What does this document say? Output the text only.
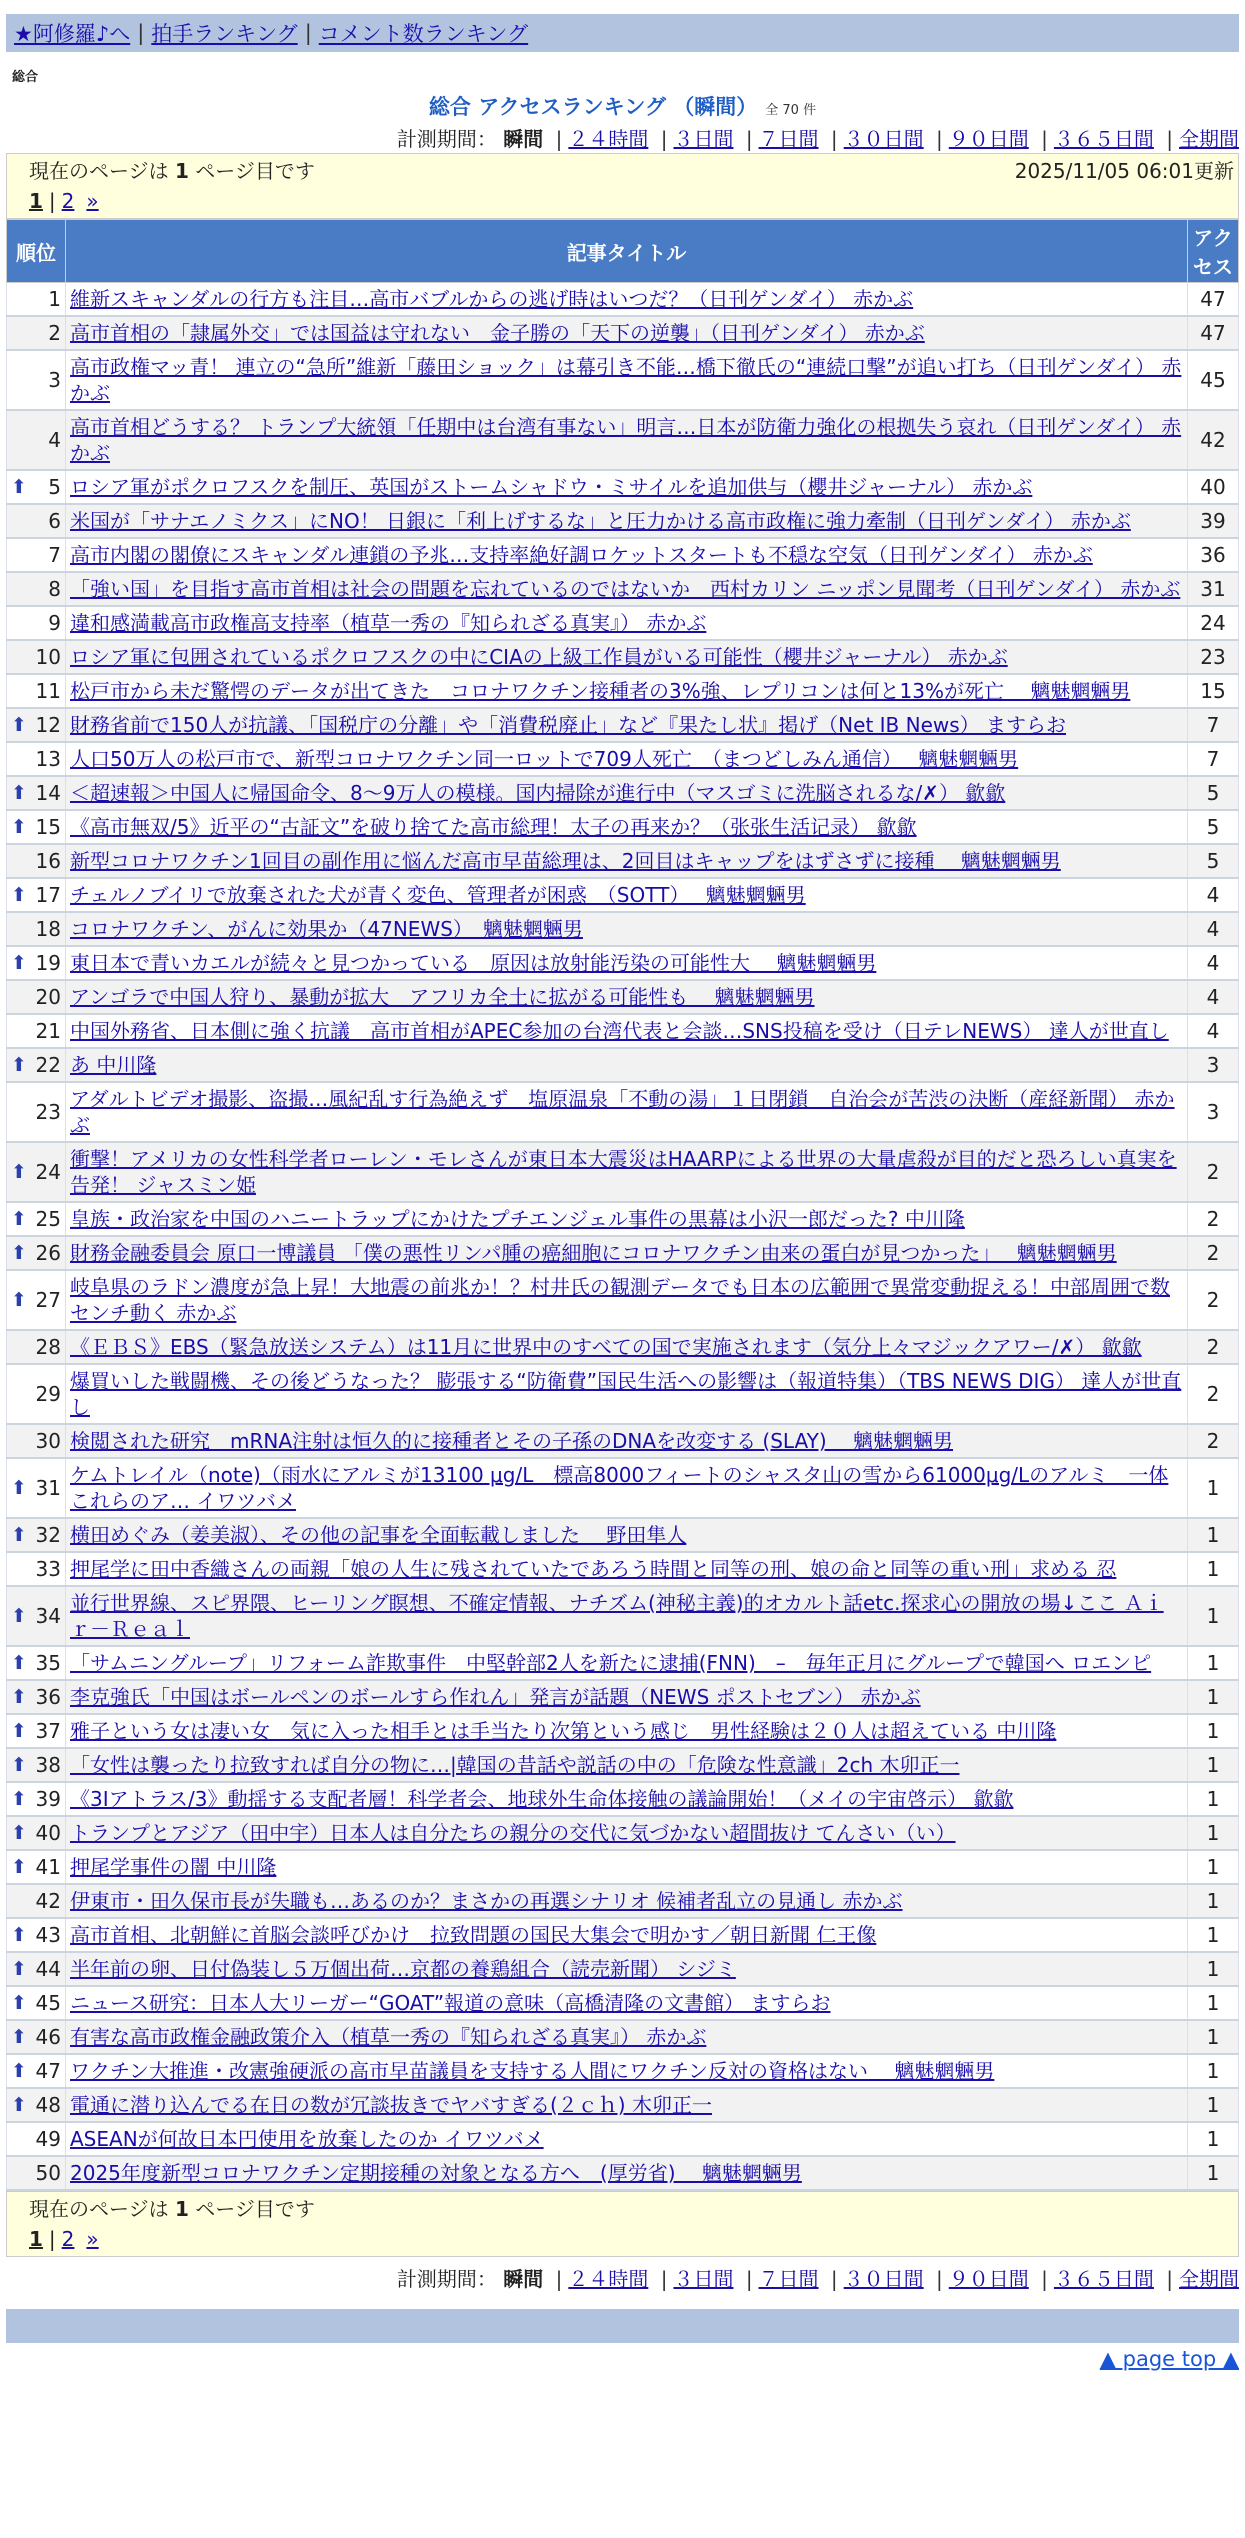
★阿修羅♪へ | 拍手ランキング | コメント数ランキング
総合
総合 アクセスランキング （瞬間） 全 70 件
計測期間： 瞬間 | ２４時間 | ３日間 | ７日間 | ３０日間 | ９０日間 | ３６５日間 | 全期間
現在のページは 1 ページ目です	2025/11/05 06:01更新
1 | 2 »
順位	記事タイトル	アクセス
1	維新スキャンダルの行方も注目…高市バブルからの逃げ時はいつだ？（日刊ゲンダイ） 赤かぶ	47
2	高市首相の「隷属外交」では国益は守れない　金子勝の「天下の逆襲」（日刊ゲンダイ） 赤かぶ	47
3	高市政権マッ青！ 連立の“急所”維新「藤田ショック」は幕引き不能…橋下徹氏の“連続口撃”が追い打ち（日刊ゲンダイ） 赤かぶ	45
4	高市首相どうする？ トランプ大統領「任期中は台湾有事ない」明言…日本が防衛力強化の根拠失う哀れ（日刊ゲンダイ） 赤かぶ	42

⬆ 5	ロシア軍がポクロフスクを制圧、英国がストームシャドウ・ミサイルを追加供与（櫻井ジャーナル） 赤かぶ	40
6	米国が「サナエノミクス」にNO！ 日銀に「利上げするな」と圧力かける高市政権に強力牽制（日刊ゲンダイ） 赤かぶ	39
7	高市内閣の閣僚にスキャンダル連鎖の予兆…支持率絶好調ロケットスタートも不穏な空気（日刊ゲンダイ） 赤かぶ	36
8	「強い国」を目指す高市首相は社会の問題を忘れているのではないか　西村カリン ニッポン見聞考（日刊ゲンダイ） 赤かぶ	31
9	違和感満載高市政権高支持率（植草一秀の『知られざる真実』） 赤かぶ	24
10	ロシア軍に包囲されているポクロフスクの中にCIAの上級工作員がいる可能性（櫻井ジャーナル） 赤かぶ	23
11	松戸市から未だ驚愕のデータが出てきた　コロナワクチン接種者の3%強、レプリコンは何と13%が死亡　 魑魅魍魎男	15

⬆ 12	財務省前で150人が抗議、「国税庁の分離」や「消費税廃止」など『果たし状』掲げ（Net IB News） ますらお	7
13	人口50万人の松戸市で、新型コロナワクチン同一ロットで709人死亡　（まつどしみん通信）　 魑魅魍魎男	7

⬆ 14	＜超速報＞中国人に帰国命令、8～9万人の模様。国内掃除が進行中（マスゴミに洗脳されるな/✗） 歙歙	5

⬆ 15	《高市無双/5》近平の“古証文”を破り捨てた高市総理！太子の再来か？（张张生活记录） 歙歙	5
16	新型コロナワクチン1回目の副作用に悩んだ高市早苗総理は、2回目はキャップをはずさずに接種　 魑魅魍魎男	5

⬆ 17	チェルノブイリで放棄された犬が青く変色、管理者が困惑　（SOTT）　 魑魅魍魎男	4
18	コロナワクチン、がんに効果か（47NEWS）　魑魅魍魎男	4

⬆ 19	東日本で青いカエルが続々と見つかっている　原因は放射能汚染の可能性大　 魑魅魍魎男	4
20	アンゴラで中国人狩り、暴動が拡大　アフリカ全土に拡がる可能性も　 魑魅魍魎男	4
21	中国外務省、日本側に強く抗議　高市首相がAPEC参加の台湾代表と会談…SNS投稿を受け（日テレNEWS） 達人が世直し	4

⬆ 22	あ 中川隆	3
23	アダルトビデオ撮影、盗撮…風紀乱す行為絶えず　塩原温泉「不動の湯」１日閉鎖　自治会が苦渋の決断（産経新聞） 赤かぶ	3

⬆ 24	衝撃！アメリカの女性科学者ローレン・モレさんが東日本大震災はHAARPによる世界の大量虐殺が目的だと恐ろしい真実を告発！ ジャスミン姫	2

⬆ 25	皇族・政治家を中国のハニートラップにかけたプチエンジェル事件の黒幕は小沢一郎だった? 中川隆	2

⬆ 26	財務金融委員会 原口一博議員 「僕の悪性リンパ腫の癌細胞にコロナワクチン由来の蛋白が見つかった」　 魑魅魍魎男	2

⬆ 27	岐阜県のラドン濃度が急上昇！大地震の前兆か！？村井氏の観測データでも日本の広範囲で異常変動捉える！中部周囲で数センチ動く 赤かぶ	2
28	《ＥＢＳ》EBS（緊急放送システム）は11月に世界中のすべての国で実施されます（気分上々マジックアワー/✗） 歙歙	2
29	爆買いした戦闘機、その後どうなった？ 膨張する“防衛費”国民生活への影響は（報道特集）（TBS NEWS DIG） 達人が世直し	2
30	検閲された研究　mRNA注射は恒久的に接種者とその子孫のDNAを改変する (SLAY)　 魑魅魍魎男	2

⬆ 31	ケムトレイル（note)（雨水にアルミが13100 μg/L　標高8000フィートのシャスタ山の雪から61000μg/Lのアルミ　一体これらのア… イワツバメ	1

⬆ 32	横田めぐみ（姜美淑）、その他の記事を全面転載しました　 野田隼人	1
33	押尾学に田中香織さんの両親「娘の人生に残されていたであろう時間と同等の刑、娘の命と同等の重い刑」求める 忍	1

⬆ 34	並行世界線、スピ界隈、ヒーリング瞑想、不確定情報、ナチズム(神秘主義)的オカルト話etc.探求心の開放の場↓ここ Ａｉｒ－Ｒｅａｌ	1

⬆ 35	「サムニングループ」リフォーム詐欺事件　中堅幹部2人を新たに逮捕(FNN)　–　毎年正月にグループで韓国へ ロエンピ	1

⬆ 36	李克強氏「中国はボールペンのボールすら作れん」発言が話題（NEWS ポストセブン） 赤かぶ	1

⬆ 37	雅子という女は凄い女　気に入った相手とは手当たり次第という感じ　男性経験は２０人は超えている 中川隆	1

⬆ 38	「女性は襲ったり拉致すれば自分の物に…|韓国の昔話や説話の中の「危険な性意識」2ch 木卯正一	1

⬆ 39	《3Iアトラス/3》動揺する支配者層！科学者会、地球外生命体接触の議論開始！（メイの宇宙啓示） 歙歙	1

⬆ 40	トランプとアジア（田中宇）日本人は自分たちの親分の交代に気づかない超間抜け てんさい（い）	1

⬆ 41	押尾学事件の闇 中川隆	1
42	伊東市・田久保市長が失職も…あるのか？まさかの再選シナリオ 候補者乱立の見通し 赤かぶ	1

⬆ 43	高市首相、北朝鮮に首脳会談呼びかけ　拉致問題の国民大集会で明かす／朝日新聞 仁王像	1

⬆ 44	半年前の卵、日付偽装し５万個出荷…京都の養鶏組合（読売新聞） シジミ	1

⬆ 45	ニュース研究：日本人大リーガー“GOAT”報道の意味（高橋清隆の文書館） ますらお	1

⬆ 46	有害な高市政権金融政策介入（植草一秀の『知られざる真実』） 赤かぶ	1

⬆ 47	ワクチン大推進・改憲強硬派の高市早苗議員を支持する人間にワクチン反対の資格はない　 魑魅魍魎男	1

⬆ 48	電通に潜り込んでる在日の数が冗談抜きでヤバすぎる(２ｃｈ) 木卯正一	1
49	ASEANが何故日本円使用を放棄したのか イワツバメ	1
50	2025年度新型コロナワクチン定期接種の対象となる方へ　(厚労省)　 魑魅魍魎男	1
現在のページは 1 ページ目です
1 | 2 »
計測期間： 瞬間 | ２４時間 | ３日間 | ７日間 | ３０日間 | ９０日間 | ３６５日間 | 全期間
▲ page top ▲
